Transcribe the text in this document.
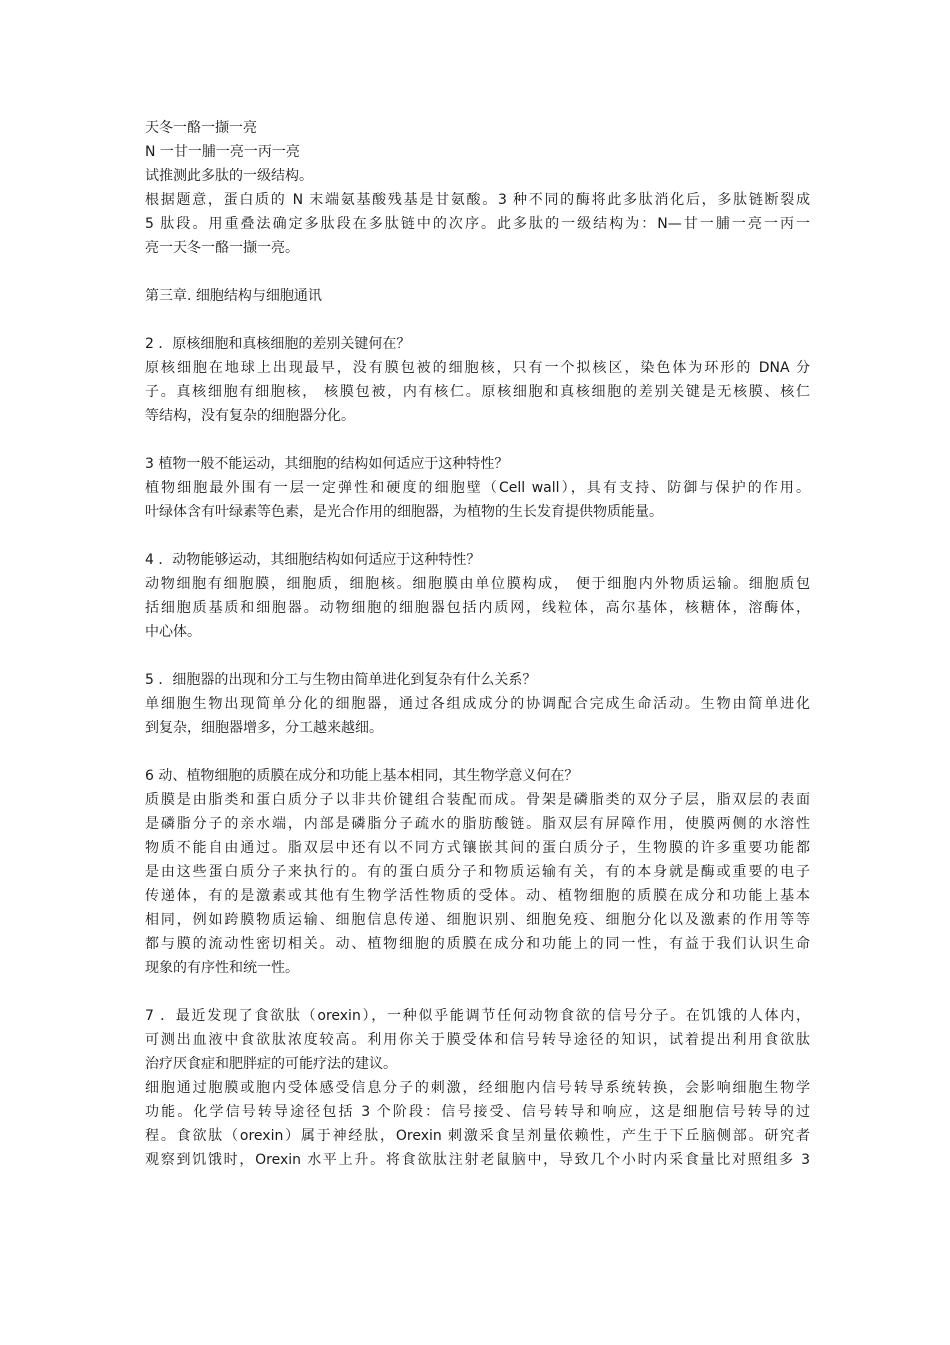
天冬一酪一撷一亮
N 一甘一脯一亮一丙一亮
试推测此多肽的一级结构。
根据题意，蛋白质的 N 末端氨基酸残基是甘氨酸。3 种不同的酶将此多肽消化后，多肽链断裂成
5 肽段。用重叠法确定多肽段在多肽链中的次序。此多肽的一级结构为：N—甘一脯一亮一丙一
亮一天冬一酪一撷一亮。
第三章. 细胞结构与细胞通讯
2 ．原核细胞和真核细胞的差别关键何在？
原核细胞在地球上出现最早，没有膜包被的细胞核，只有一个拟核区，染色体为环形的 DNA 分
子。真核细胞有细胞核， 核膜包被，内有核仁。原核细胞和真核细胞的差别关键是无核膜、核仁
等结构，没有复杂的细胞器分化。
3 植物一般不能运动，其细胞的结构如何适应于这种特性？
植物细胞最外围有一层一定弹性和硬度的细胞壁（Cell wall），具有支持、防御与保护的作用。
叶绿体含有叶绿素等色素，是光合作用的细胞器，为植物的生长发育提供物质能量。
4 ．动物能够运动，其细胞结构如何适应于这种特性？
动物细胞有细胞膜，细胞质，细胞核。细胞膜由单位膜构成， 便于细胞内外物质运输。细胞质包
括细胞质基质和细胞器。动物细胞的细胞器包括内质网，线粒体，高尔基体，核糖体，溶酶体，
中心体。
5 ．细胞器的出现和分工与生物由简单进化到复杂有什么关系？
单细胞生物出现简单分化的细胞器，通过各组成成分的协调配合完成生命活动。生物由简单进化
到复杂，细胞器增多，分工越来越细。
6 动、植物细胞的质膜在成分和功能上基本相同，其生物学意义何在？
质膜是由脂类和蛋白质分子以非共价键组合装配而成。骨架是磷脂类的双分子层，脂双层的表面
是磷脂分子的亲水端，内部是磷脂分子疏水的脂肪酸链。脂双层有屏障作用，使膜两侧的水溶性
物质不能自由通过。脂双层中还有以不同方式镶嵌其间的蛋白质分子，生物膜的许多重要功能都
是由这些蛋白质分子来执行的。有的蛋白质分子和物质运输有关，有的本身就是酶或重要的电子
传递体，有的是激素或其他有生物学活性物质的受体。动、植物细胞的质膜在成分和功能上基本
相同，例如跨膜物质运输、细胞信息传递、细胞识别、细胞免疫、细胞分化以及激素的作用等等
都与膜的流动性密切相关。动、植物细胞的质膜在成分和功能上的同一性，有益于我们认识生命
现象的有序性和统一性。
7 ．最近发现了食欲肽（orexin），一种似乎能调节任何动物食欲的信号分子。在饥饿的人体内，
可测出血液中食欲肽浓度较高。利用你关于膜受体和信号转导途径的知识，试着提出利用食欲肽
治疗厌食症和肥胖症的可能疗法的建议。
细胞通过胞膜或胞内受体感受信息分子的刺激，经细胞内信号转导系统转换，会影响细胞生物学
功能。化学信号转导途径包括 3 个阶段：信号接受、信号转导和响应，这是细胞信号转导的过
程。食欲肽（orexin）属于神经肽，Orexin 刺激采食呈剂量依赖性，产生于下丘脑侧部。研究者
观察到饥饿时，Orexin 水平上升。将食欲肽注射老鼠脑中，导致几个小时内采食量比对照组多 3
